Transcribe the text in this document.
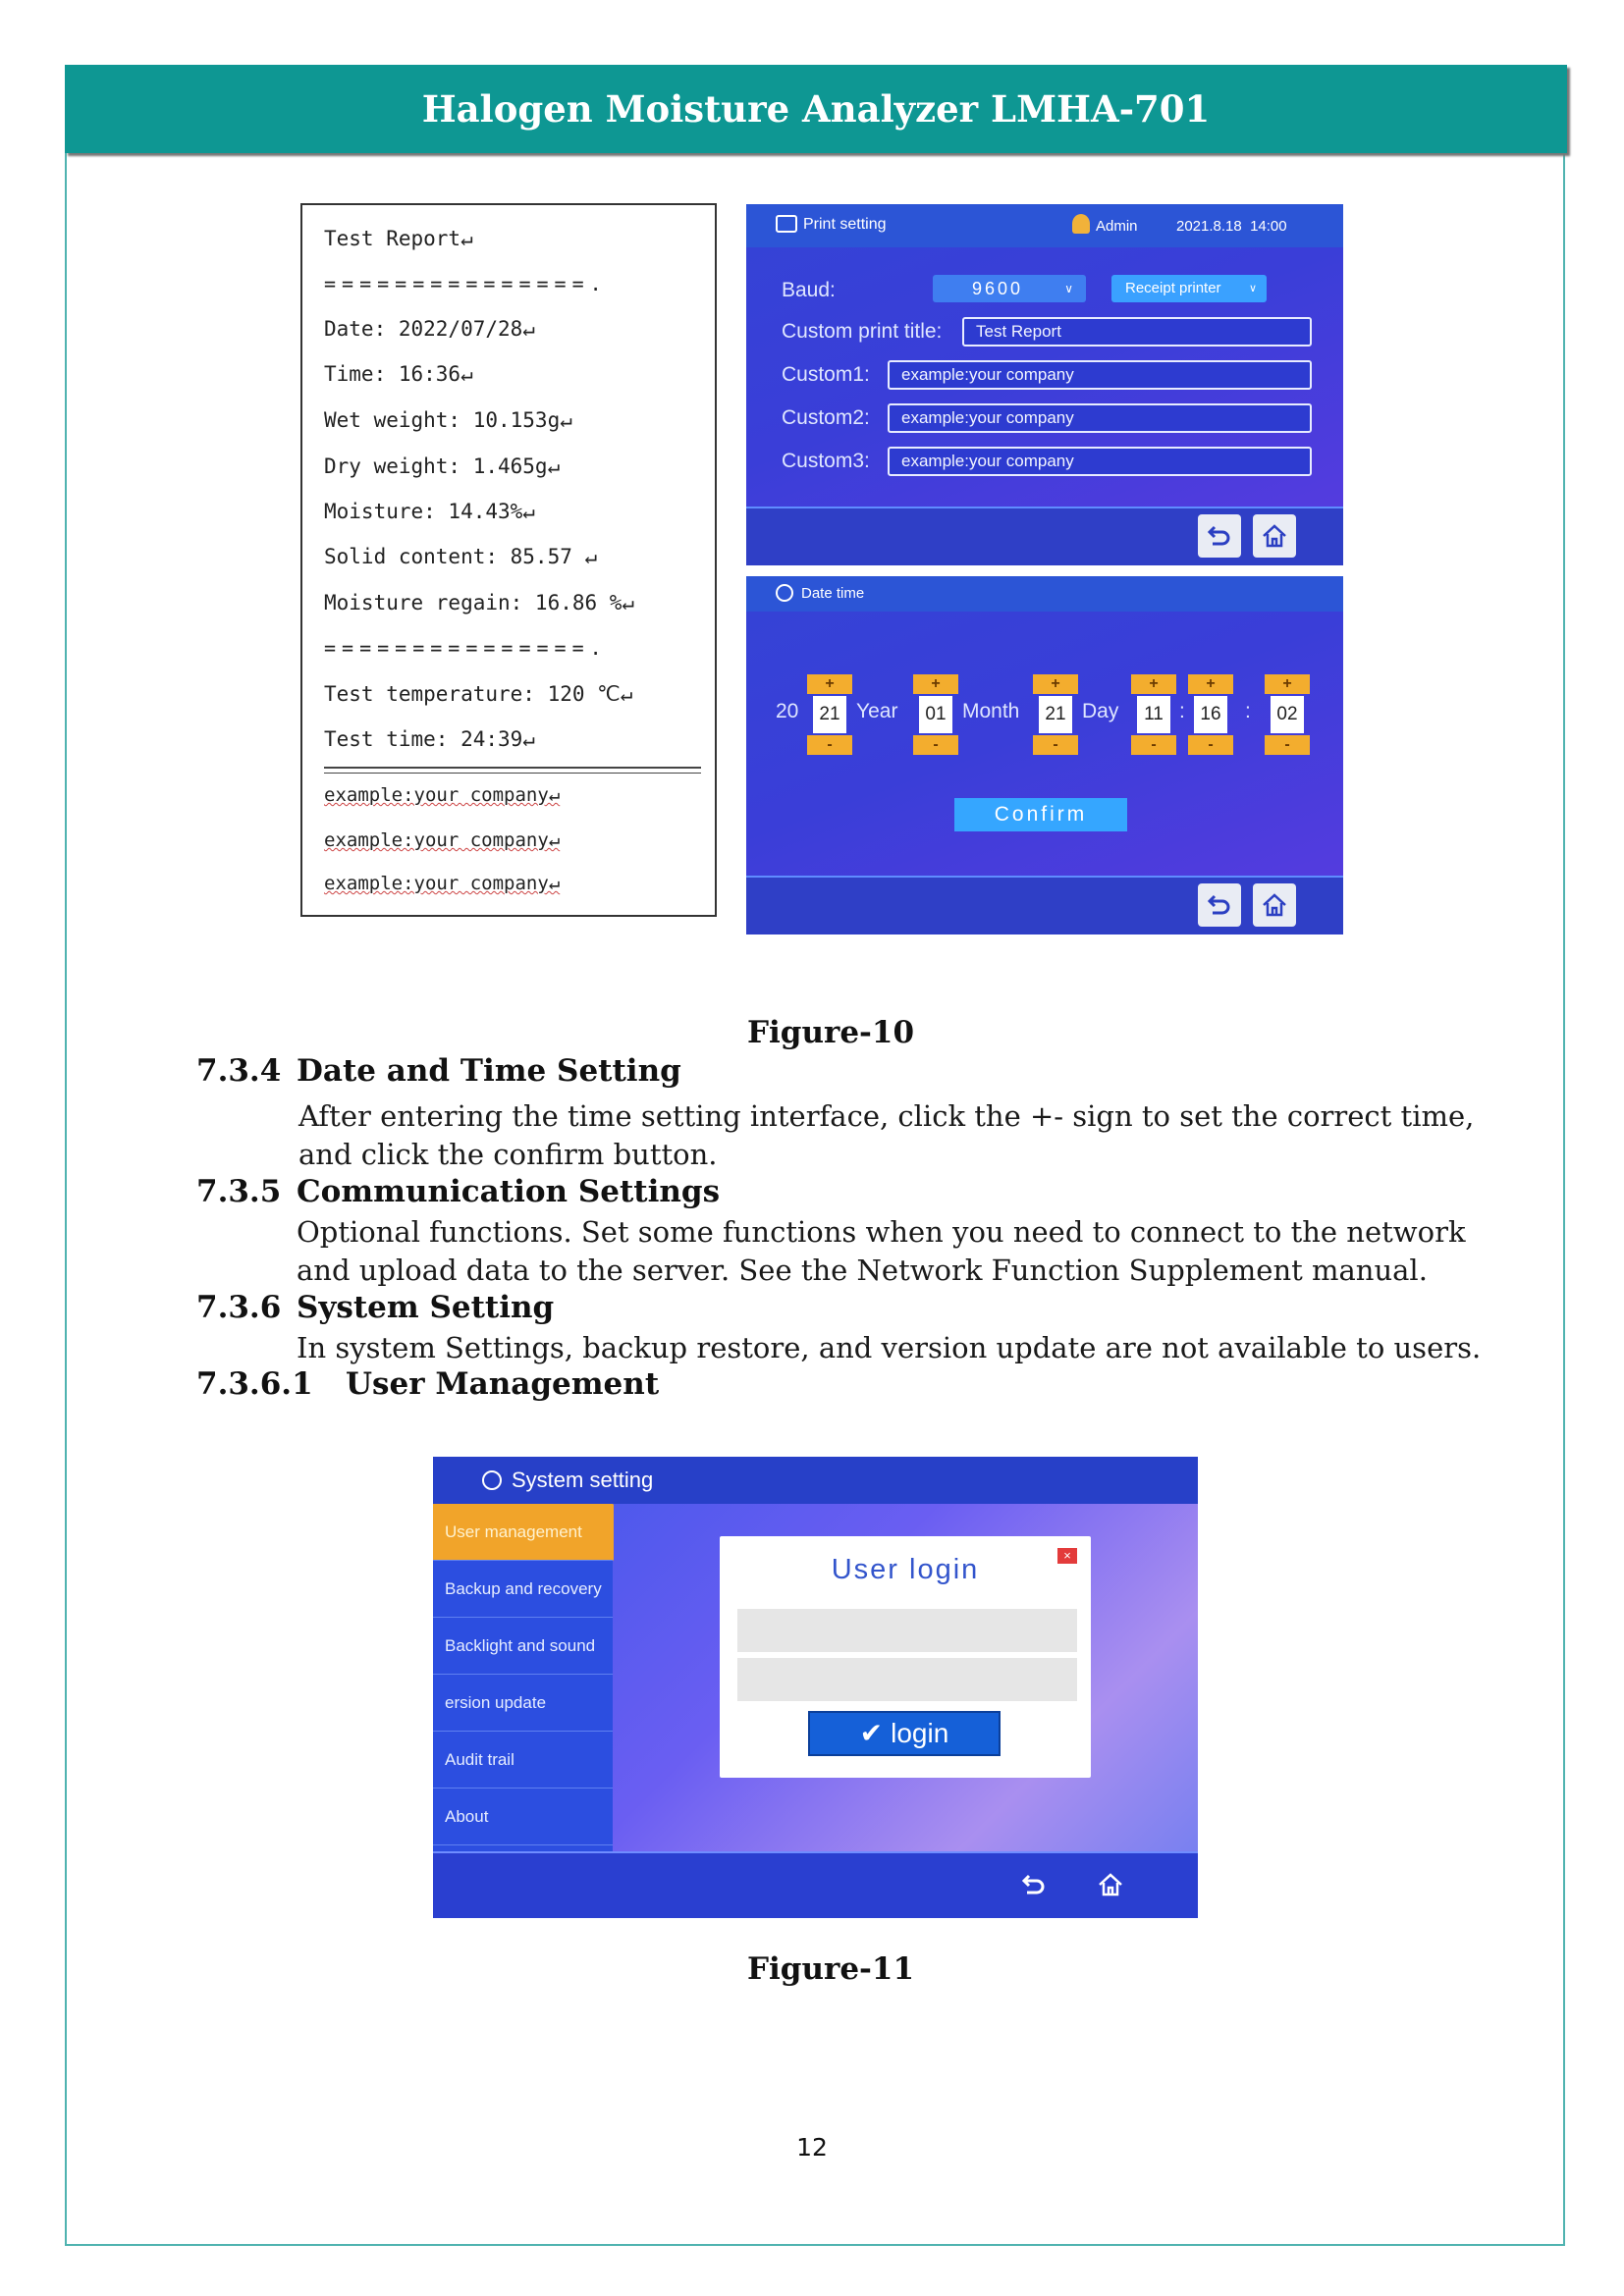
Halogen Moisture Analyzer LMHA-701
Test Report↵
===============.
Date: 2022/07/28↵
Time: 16:36↵
Wet weight: 10.153g↵
Dry weight: 1.465g↵
Moisture: 14.43%↵
Solid content: 85.57 ↵
Moisture regain: 16.86 %↵
===============.
Test temperature: 120 ℃↵
Test time: 24:39↵
example:your company↵
example:your company↵
example:your company↵
Print setting	Admin	2021.8.18  14:00
Baud:	9600	∨	Receipt printer	∨
Custom print title:	Test Report
Custom1:	example:your company
Custom2:	example:your company
Custom3:	example:your company
Date time
20
+
21
-
Year
+
01
-
Month
+
21
-
Day
+
11
-
:
+
16
-
:
+
02
-
Confirm
Figure-10
7.3.4 Date and Time Setting
After entering the time setting interface, click the +- sign to set the correct time,
and click the confirm button.
7.3.5 Communication Settings
Optional functions. Set some functions when you need to connect to the network
and upload data to the server. See the Network Function Supplement manual.
7.3.6 System Setting
In system Settings, backup restore, and version update are not available to users.
7.3.6.1 User Management
System setting
User management
Backup and recovery
Backlight and sound
ersion update
Audit trail
About
User login	×
✔ login
Figure-11
12
